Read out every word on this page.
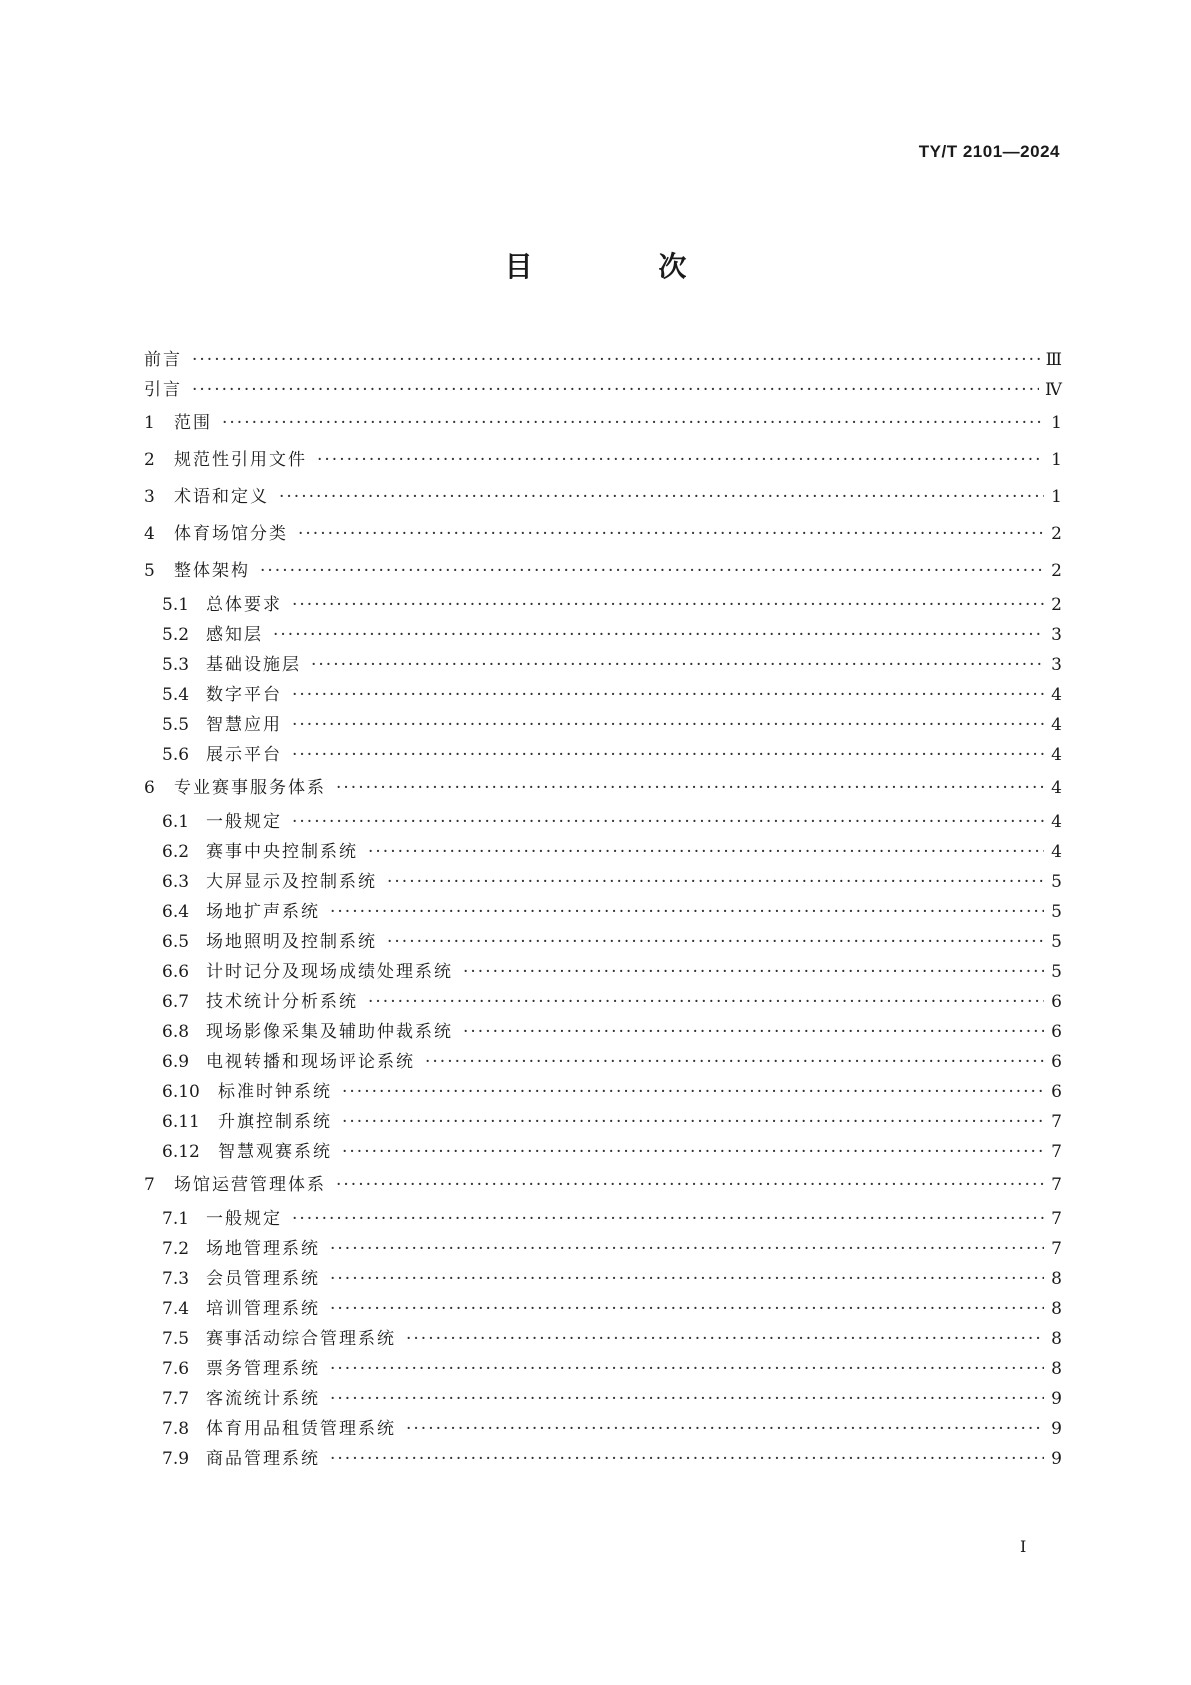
TY/T 2101—2024
目 次
前言 ·····	Ⅲ
引言 ·····	Ⅳ
1	范围 ·····	1
2	规范性引用文件 ·····	1
3	术语和定义 ·····	1
4	体育场馆分类 ·····	2
5	整体架构 ·····	2
5.1 总体要求 ·····	2
5.2 感知层 ·····	3
5.3 基础设施层 ·····	3
5.4 数字平台 ·····	4
5.5 智慧应用 ·····	4
5.6 展示平台 ·····	4
6	专业赛事服务体系 ·····	4
6.1 一般规定 ·····	4
6.2 赛事中央控制系统 ·····	4
6.3 大屏显示及控制系统 ·····	5
6.4 场地扩声系统 ·····	5
6.5 场地照明及控制系统 ·····	5
6.6 计时记分及现场成绩处理系统 ·····	5
6.7 技术统计分析系统 ·····	6
6.8 现场影像采集及辅助仲裁系统 ·····	6
6.9 电视转播和现场评论系统 ·····	6
6.10	标准时钟系统 ·····	6
6.11	升旗控制系统 ·····	7
6.12	智慧观赛系统 ·····	7
7	场馆运营管理体系 ·····	7
7.1 一般规定 ·····	7
7.2 场地管理系统 ·····	7
7.3 会员管理系统 ·····	8
7.4 培训管理系统 ·····	8
7.5 赛事活动综合管理系统 ·····	8
7.6 票务管理系统 ·····	8
7.7 客流统计系统 ·····	9
7.8 体育用品租赁管理系统 ·····	9
7.9 商品管理系统 ·····	9
I
